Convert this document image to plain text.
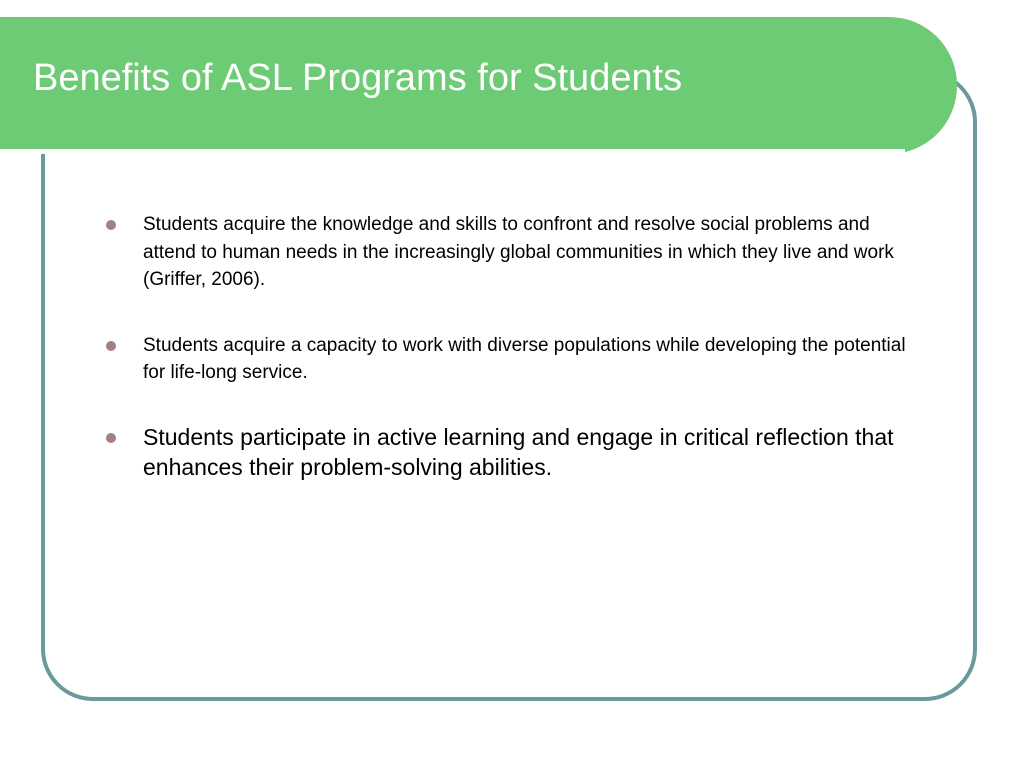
Benefits of ASL Programs for Students
Students acquire the knowledge and skills to confront and resolve social problems and attend to human needs in the increasingly global communities in which they live and work (Griffer, 2006).
Students acquire a capacity to work with diverse populations while developing the potential for life-long service.
Students participate in active learning and engage in critical reflection that enhances their problem-solving abilities.
